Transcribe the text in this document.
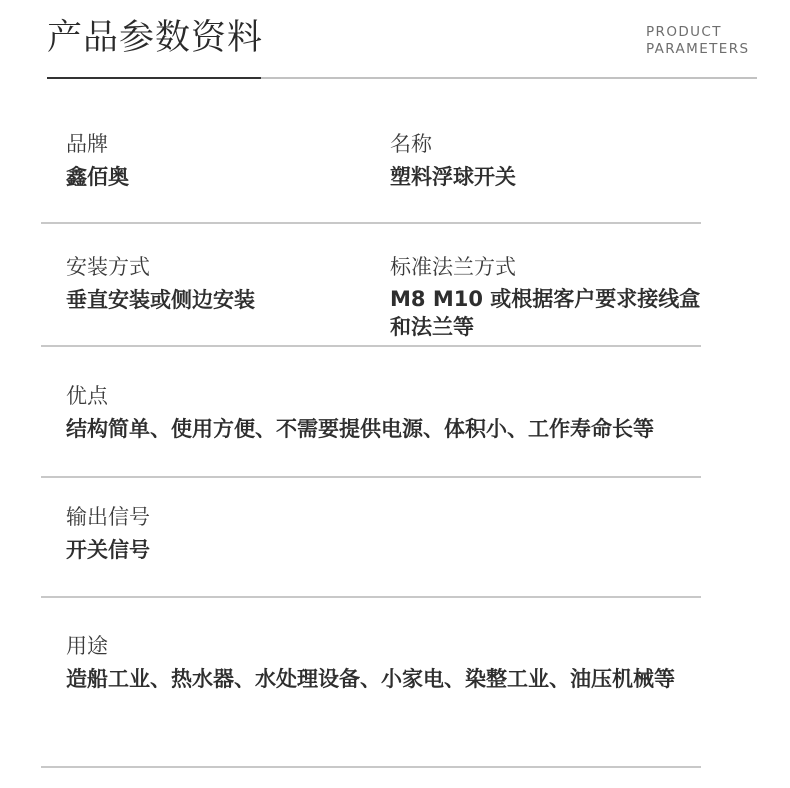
产品参数资料	PRODUCT
PARAMETERS
品牌
鑫佰奥
名称
塑料浮球开关
安装方式
垂直安装或侧边安装
标准法兰方式
M8 M10 或根据客户要求接线盒和法兰等
优点
结构简单、使用方便、不需要提供电源、体积小、工作寿命长等
输出信号
开关信号
用途
造船工业、热水器、水处理设备、小家电、染整工业、油压机械等
